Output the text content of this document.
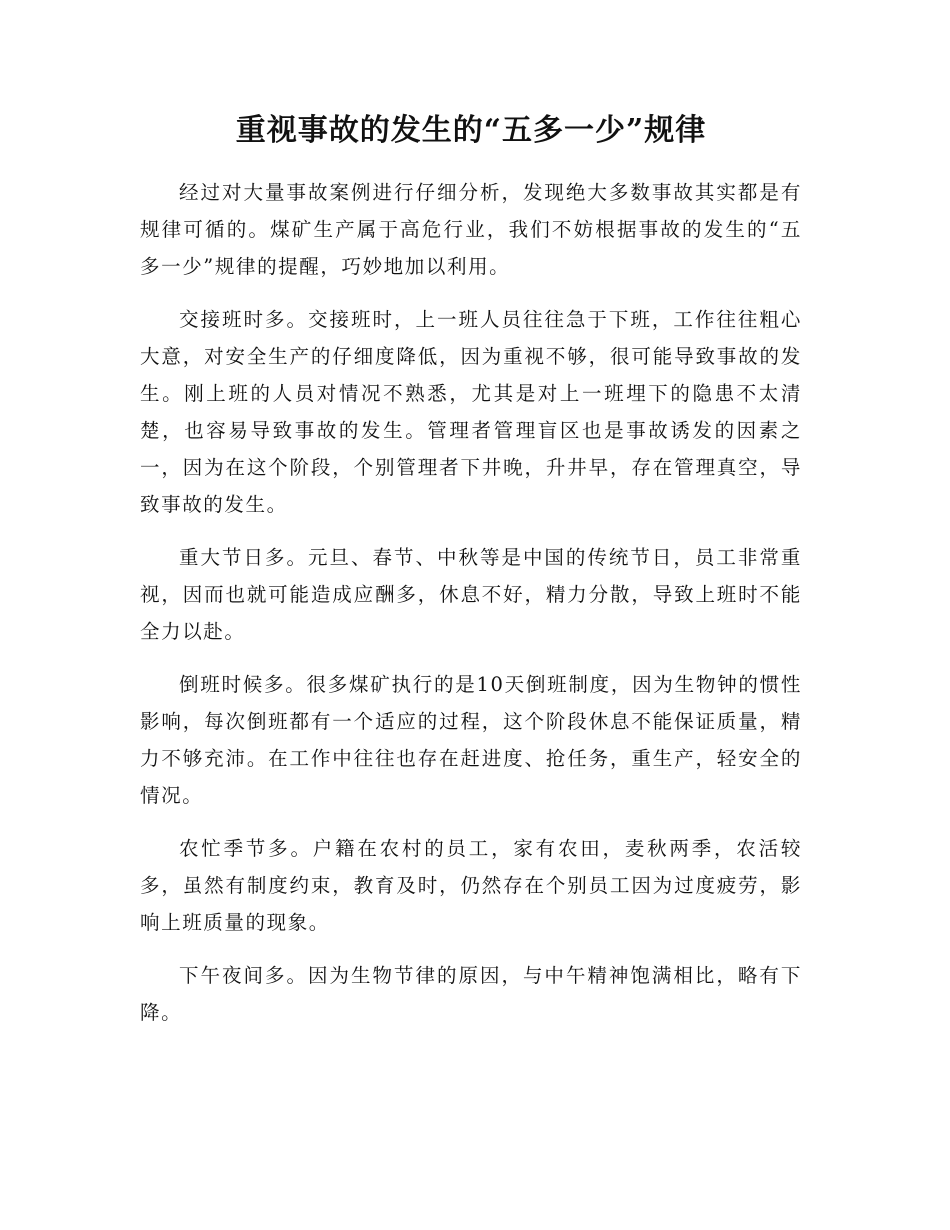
重视事故的发生的“五多一少”规律

经过对大量事故案例进行仔细分析，发现绝大多数事故其实都是有规律可循的。煤矿生产属于高危行业，我们不妨根据事故的发生的“五多一少”规律的提醒，巧妙地加以利用。

交接班时多。交接班时，上一班人员往往急于下班，工作往往粗心大意，对安全生产的仔细度降低，因为重视不够，很可能导致事故的发生。刚上班的人员对情况不熟悉，尤其是对上一班埋下的隐患不太清楚，也容易导致事故的发生。管理者管理盲区也是事故诱发的因素之一，因为在这个阶段，个别管理者下井晚，升井早，存在管理真空，导致事故的发生。

重大节日多。元旦、春节、中秋等是中国的传统节日，员工非常重视，因而也就可能造成应酬多，休息不好，精力分散，导致上班时不能全力以赴。

倒班时候多。很多煤矿执行的是10天倒班制度，因为生物钟的惯性影响，每次倒班都有一个适应的过程，这个阶段休息不能保证质量，精力不够充沛。在工作中往往也存在赶进度、抢任务，重生产，轻安全的情况。

农忙季节多。户籍在农村的员工，家有农田，麦秋两季，农活较多，虽然有制度约束，教育及时，仍然存在个别员工因为过度疲劳，影响上班质量的现象。

下午夜间多。因为生物节律的原因，与中午精神饱满相比，略有下降。
